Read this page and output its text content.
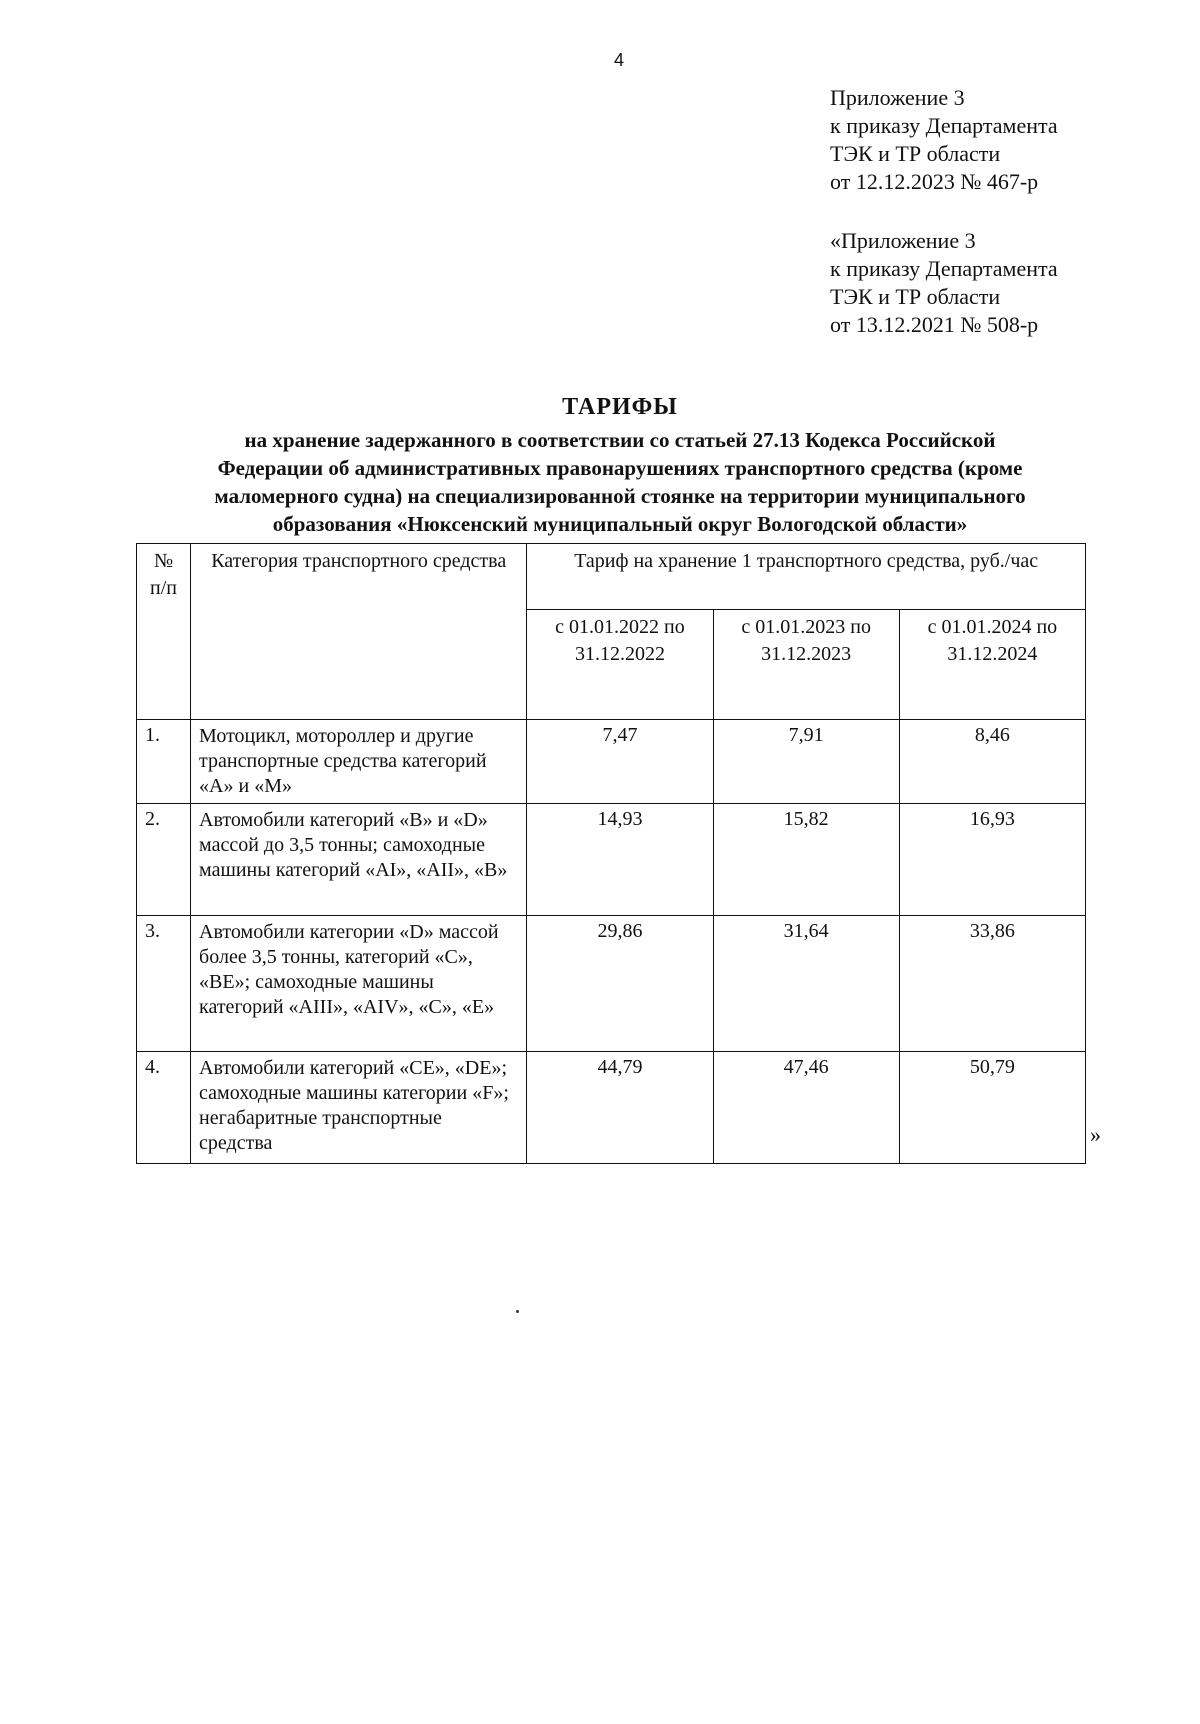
4
Приложение 3
к приказу Департамента
ТЭК и ТР области
от 12.12.2023 № 467-р
«Приложение 3
к приказу Департамента
ТЭК и ТР области
от 13.12.2021 № 508-р
ТАРИФЫ
на хранение задержанного в соответствии со статьей 27.13 Кодекса Российской
Федерации об административных правонарушениях транспортного средства (кроме
маломерного судна) на специализированной стоянке на территории муниципального
образования «Нюксенский муниципальный округ Вологодской области»
№ п/п	Категория транспортного средства	Тариф на хранение 1 транспортного средства, руб./час		
		с 01.01.2022 по 31.12.2022	с 01.01.2023 по 31.12.2023	с 01.01.2024 по 31.12.2024
1.	Мотоцикл, мотороллер и другие транспортные средства категорий «А» и «М»	7,47	7,91	8,46
2.	Автомобили категорий «В» и «D» массой до 3,5 тонны; самоходные машины категорий «AI», «AII», «В»	14,93	15,82	16,93
3.	Автомобили категории «D» массой более 3,5 тонны, категорий «С», «ВЕ»; самоходные машины категорий «AIII», «AIV», «С», «Е»	29,86	31,64	33,86
4.	Автомобили категорий «СЕ», «DЕ»; самоходные машины категории «F»; негабаритные транспортные средства	44,79	47,46	50,79
»
